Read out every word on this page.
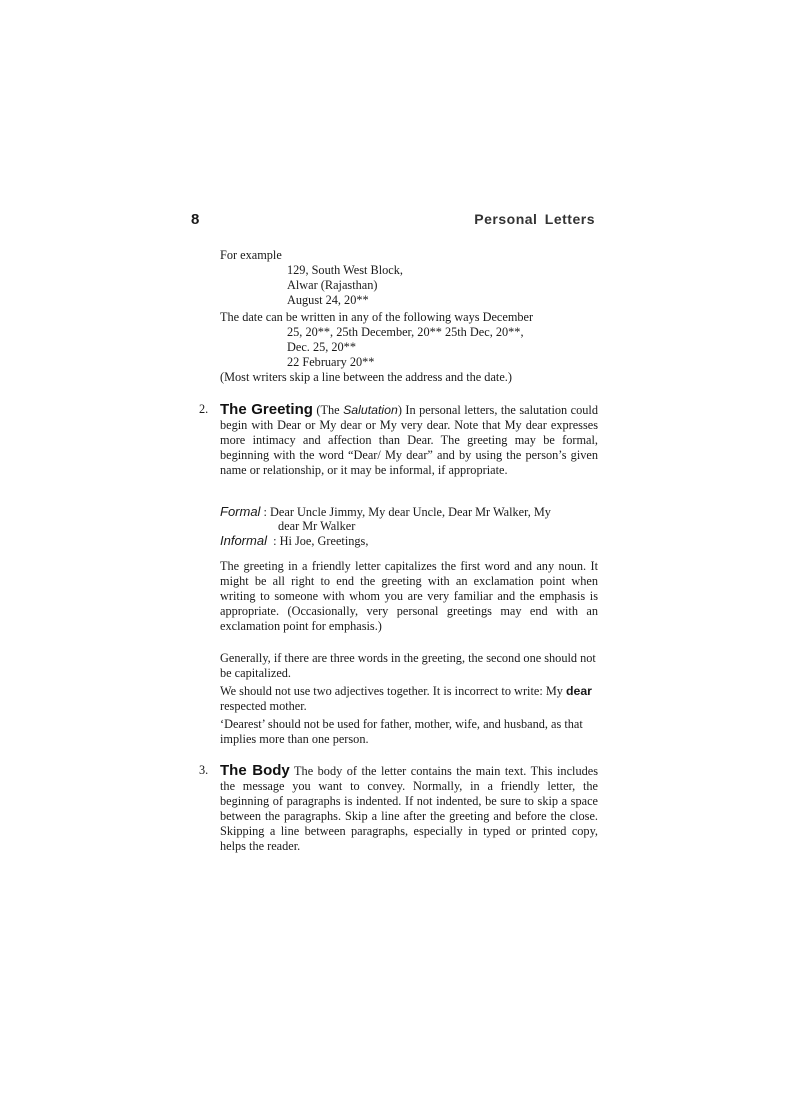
8	Personal Letters
For example
129, South West Block,
Alwar (Rajasthan)
August 24, 20**
The date can be written in any of the following ways December
25, 20**, 25th December, 20** 25th Dec, 20**,
Dec. 25, 20**
22 February 20**
(Most writers skip a line between the address and the date.)
2. The Greeting (The Salutation) In personal letters, the salutation could begin with Dear or My dear or My very dear. Note that My dear expresses more intimacy and affection than Dear. The greeting may be formal, beginning with the word “Dear/ My dear” and by using the person’s given name or relationship, or it may be informal, if appropriate.
Formal : Dear Uncle Jimmy, My dear Uncle, Dear Mr Walker, My
dear Mr Walker
Informal  : Hi Joe, Greetings,
The greeting in a friendly letter capitalizes the first word and any noun. It might be all right to end the greeting with an exclamation point when writing to someone with whom you are very familiar and the emphasis is appropriate. (Occasionally, very personal greetings may end with an exclamation point for emphasis.)
Generally, if there are three words in the greeting, the second one should not be capitalized.
We should not use two adjectives together. It is incorrect to write: My dear respected mother.
‘Dearest’ should not be used for father, mother, wife, and husband, as that implies more than one person.
3. The Body The body of the letter contains the main text. This includes the message you want to convey. Normally, in a friendly letter, the beginning of paragraphs is indented. If not indented, be sure to skip a space between the paragraphs. Skip a line after the greeting and before the close. Skipping a line between paragraphs, especially in typed or printed copy, helps the reader.
